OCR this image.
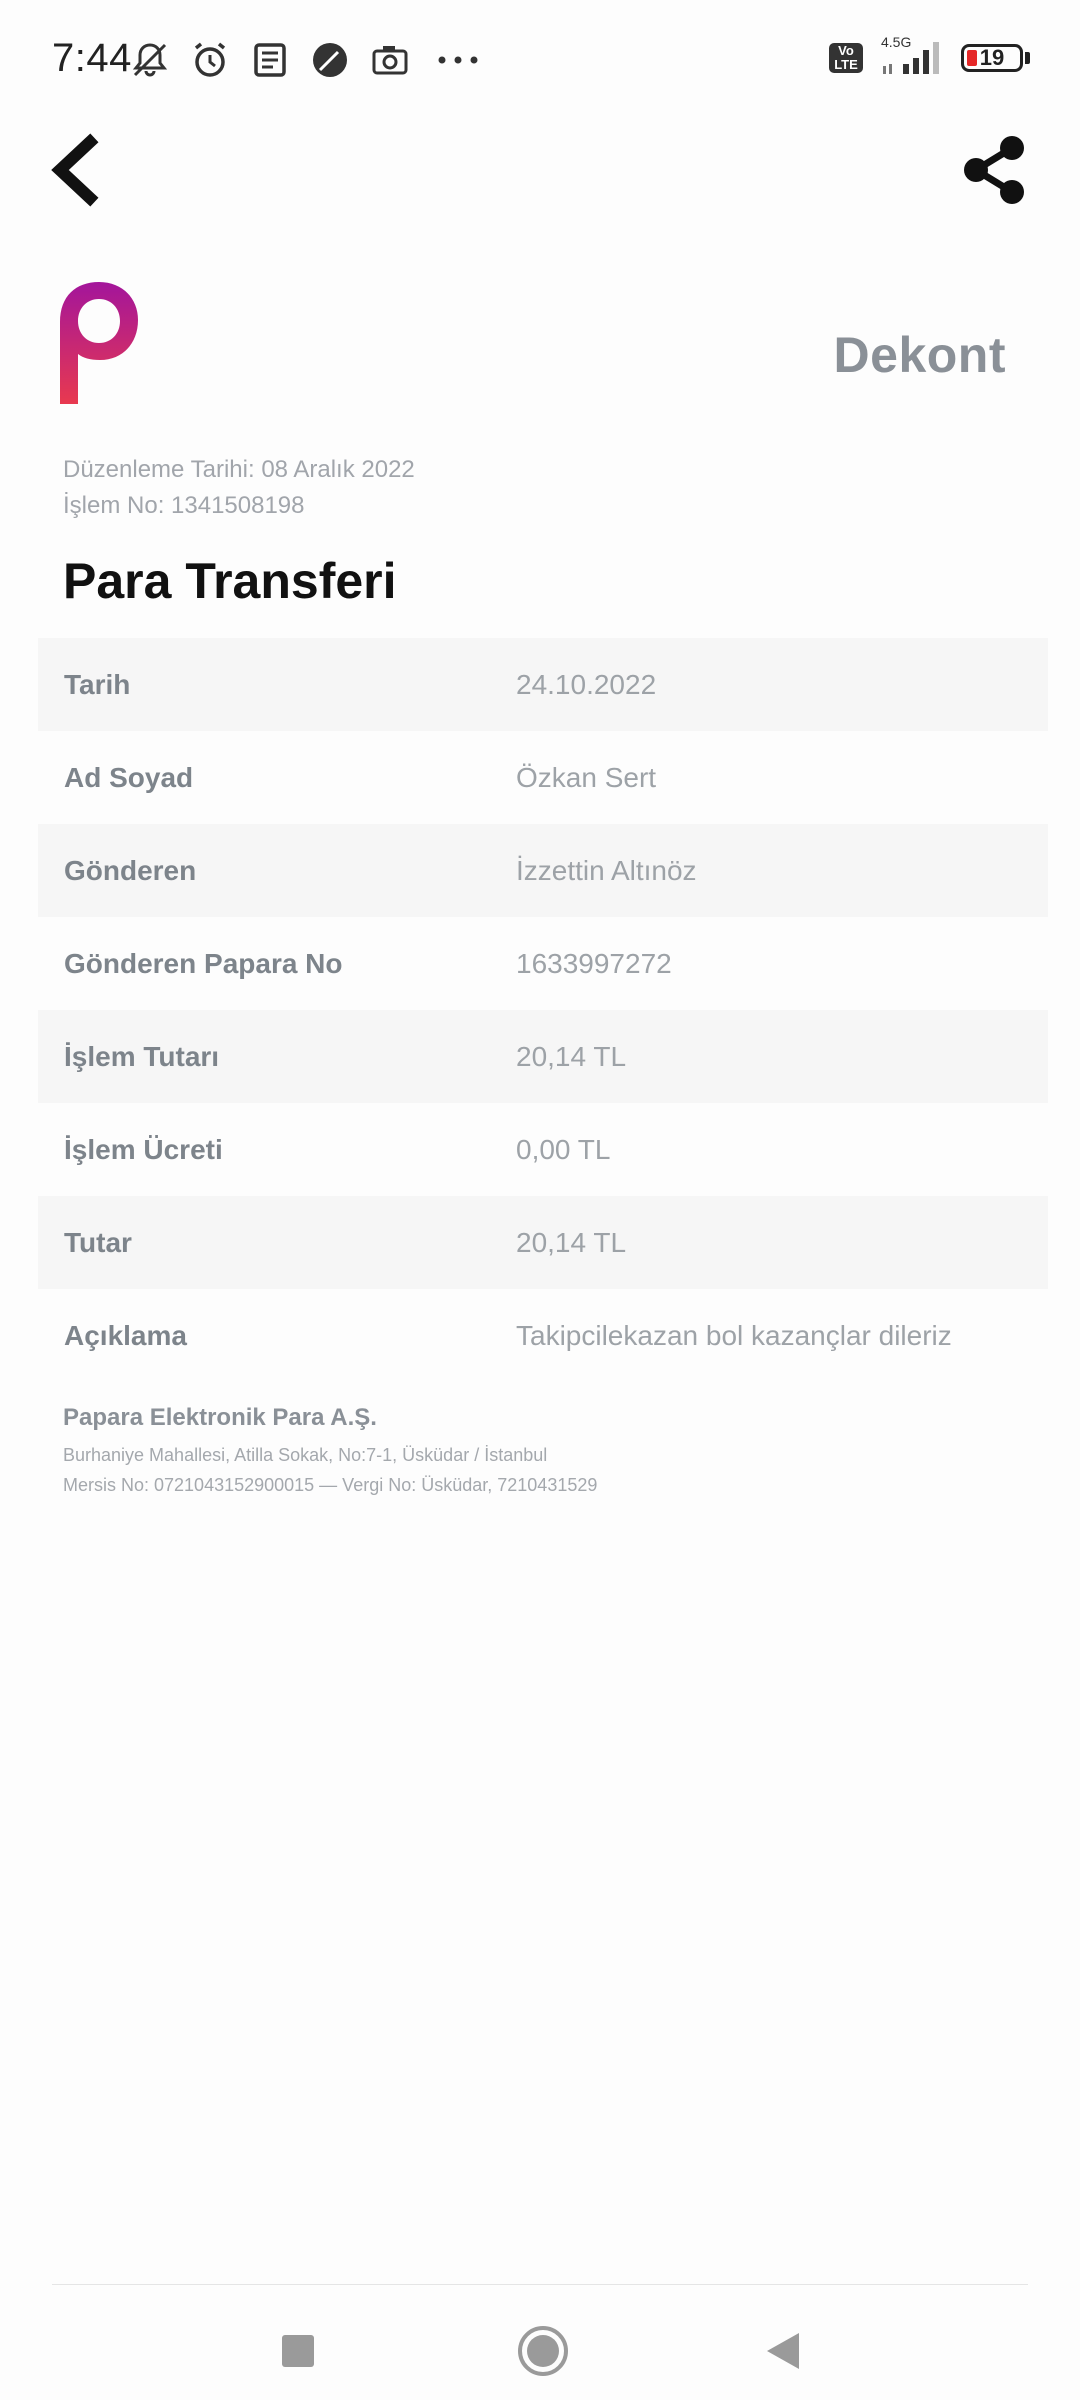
7:44	Vo LTE
4.5G
19
Dekont
Düzenleme Tarihi: 08 Aralık 2022
İşlem No: 1341508198
Para Transferi
Tarih	24.10.2022
Ad Soyad	Özkan Sert
Gönderen	İzzettin Altınöz
Gönderen Papara No	1633997272
İşlem Tutarı	20,14 TL
İşlem Ücreti	0,00 TL
Tutar	20,14 TL
Açıklama	Takipcilekazan bol kazançlar dileriz
Papara Elektronik Para A.Ş.
Burhaniye Mahallesi, Atilla Sokak, No:7-1, Üsküdar / İstanbul
Mersis No: 0721043152900015 — Vergi No: Üsküdar, 7210431529
